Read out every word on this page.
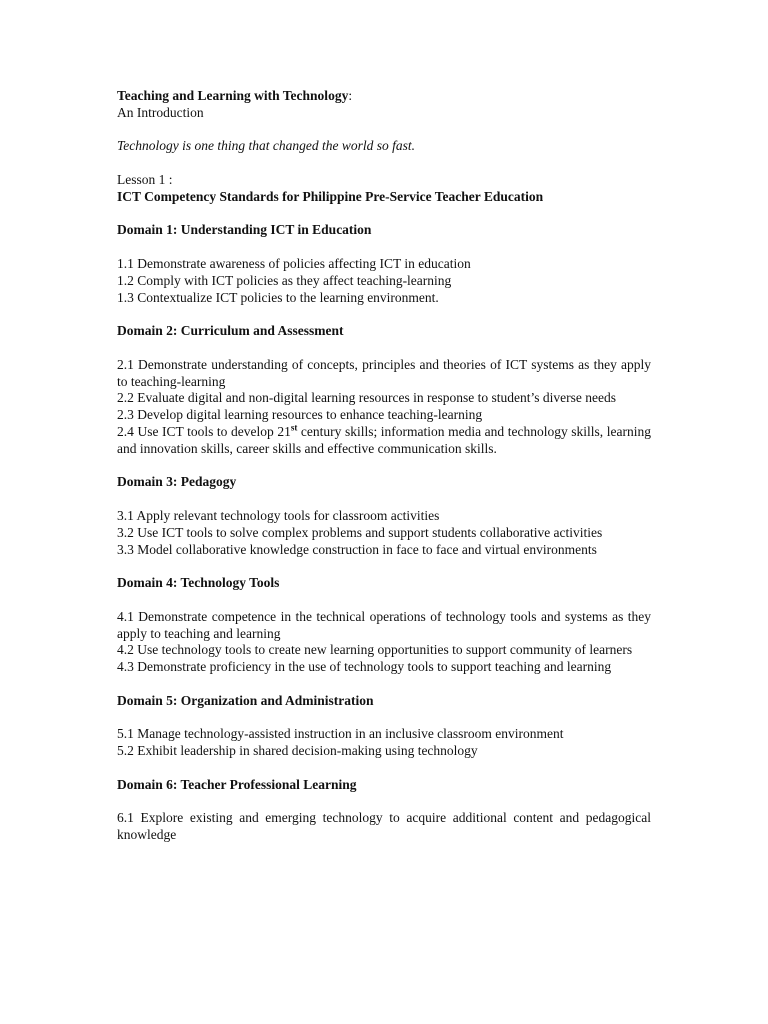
Teaching and Learning with Technology:
An Introduction
Technology is one thing that changed the world so fast.
Lesson 1 :
ICT Competency Standards for Philippine Pre-Service Teacher Education
Domain 1: Understanding ICT in Education
1.1 Demonstrate awareness of policies affecting ICT in education
1.2 Comply with ICT policies as they affect teaching-learning
1.3 Contextualize ICT policies to the learning environment.
Domain 2: Curriculum and Assessment
2.1 Demonstrate understanding of concepts, principles and theories of ICT systems as they apply to teaching-learning
2.2 Evaluate digital and non-digital learning resources in response to student’s diverse needs
2.3 Develop digital learning resources to enhance teaching-learning
2.4 Use ICT tools to develop 21st century skills; information media and technology skills, learning and innovation skills, career skills and effective communication skills.
Domain 3: Pedagogy
3.1 Apply relevant technology tools for classroom activities
3.2 Use ICT tools to solve complex problems and support students collaborative activities
3.3 Model collaborative knowledge construction in face to face and virtual environments
Domain 4: Technology Tools
4.1 Demonstrate competence in the technical operations of technology tools and systems as they apply to teaching and learning
4.2 Use technology tools to create new learning opportunities to support community of learners
4.3 Demonstrate proficiency in the use of technology tools to support teaching and learning
Domain 5: Organization and Administration
5.1 Manage technology-assisted instruction in an inclusive classroom environment
5.2 Exhibit leadership in shared decision-making using technology
Domain 6: Teacher Professional Learning
6.1 Explore existing and emerging technology to acquire additional content and pedagogical knowledge
